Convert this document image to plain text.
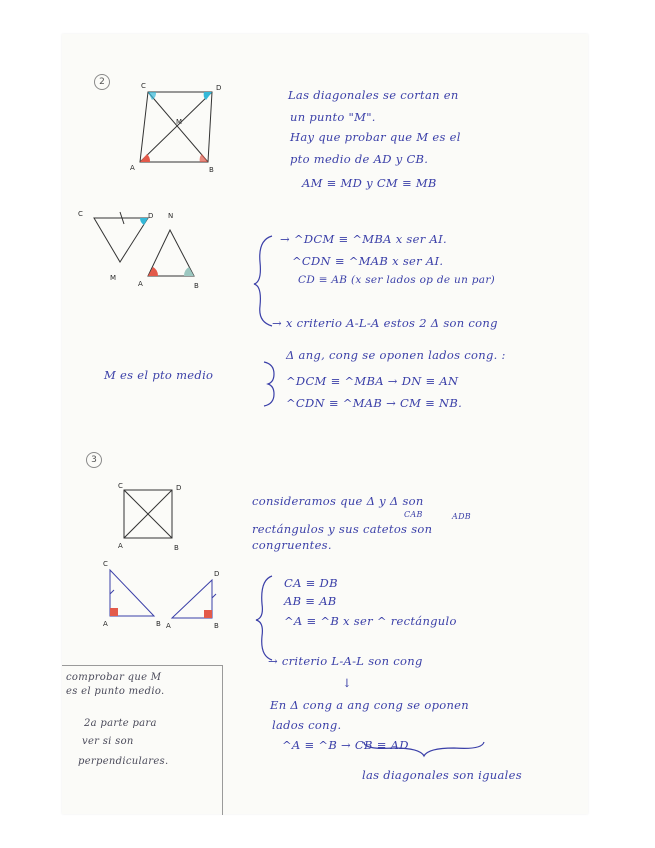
2	C	D
A	B
M
Las diagonales se cortan en
un punto "M".
Hay que probar que M es el
pto medio de AD y CB.
AM ≡ MD y CM ≡ MB
C	D N
M
A	B
→ ^DCM ≡ ^MBA x ser AI.
^CDN ≡ ^MAB x ser AI.
CD ≡ AB (x ser lados op de un par)
→ x criterio A-L-A estos 2 Δ son cong
M es el pto medio
Δ ang, cong se oponen lados cong. :
^DCM ≡ ^MBA → DN ≡ AN
^CDN ≡ ^MAB → CM ≡ NB.
3
C	D
A	B
consideramos que Δ y Δ son
CAB	ADB
rectángulos y sus catetos son
congruentes.
C
D
A	B A	B
CA ≡ DB
AB ≡ AB
^A ≡ ^B x ser ^ rectángulo
→ criterio L-A-L son cong
↓
En Δ cong a ang cong se oponen
lados cong.
^A ≡ ^B → CB ≡ AD
las diagonales son iguales
comprobar que M
es el punto medio.
2a parte para
ver si son
perpendiculares.
